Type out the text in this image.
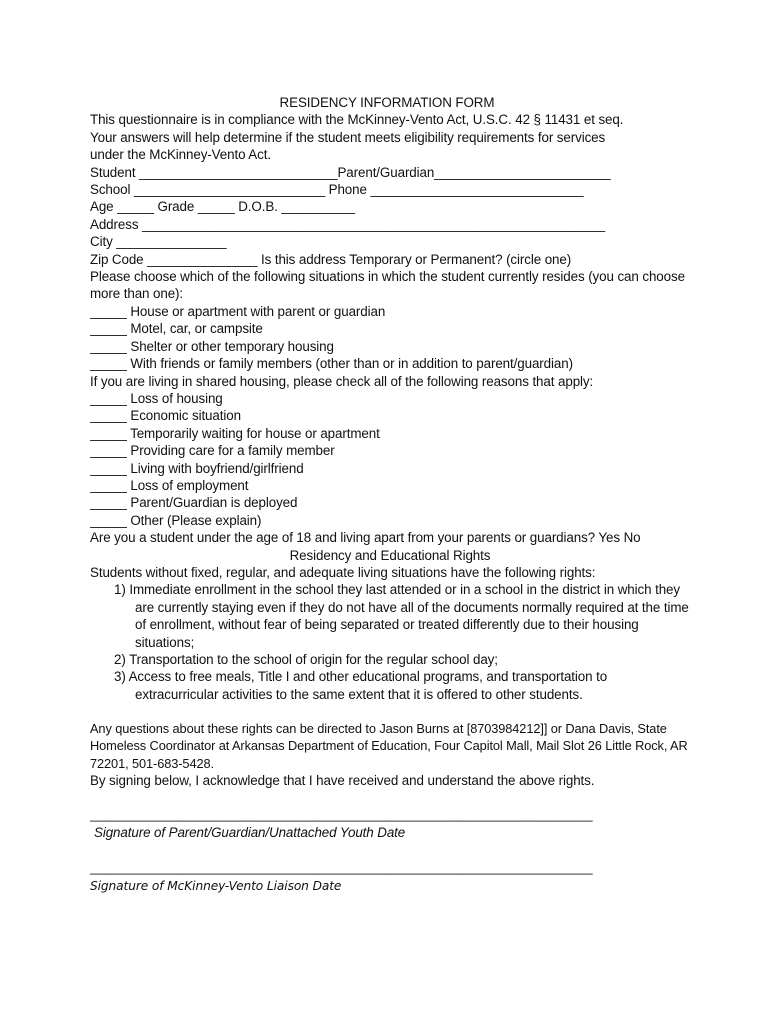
RESIDENCY INFORMATION FORM
This questionnaire is in compliance with the McKinney-Vento Act, U.S.C. 42 § 11431 et seq.
Your answers will help determine if the student meets eligibility requirements for services
under the McKinney-Vento Act.
Student ___________________________Parent/Guardian________________________
School __________________________ Phone _____________________________
Age _____ Grade _____ D.O.B. __________
Address _______________________________________________________________
City _______________
Zip Code _______________ Is this address Temporary or Permanent? (circle one)
Please choose which of the following situations in which the student currently resides (you can choose more than one):
_____ House or apartment with parent or guardian
_____ Motel, car, or campsite
_____ Shelter or other temporary housing
_____ With friends or family members (other than or in addition to parent/guardian)
If you are living in shared housing, please check all of the following reasons that apply:
_____ Loss of housing
_____ Economic situation
_____ Temporarily waiting for house or apartment
_____ Providing care for a family member
_____ Living with boyfriend/girlfriend
_____ Loss of employment
_____ Parent/Guardian is deployed
_____ Other (Please explain)
Are you a student under the age of 18 and living apart from your parents or guardians? Yes No
Residency and Educational Rights
Students without fixed, regular, and adequate living situations have the following rights:
1) Immediate enrollment in the school they last attended or in a school in the district in which they are currently staying even if they do not have all of the documents normally required at the time of enrollment, without fear of being separated or treated differently due to their housing situations;
2) Transportation to the school of origin for the regular school day;
3) Access to free meals, Title I and other educational programs, and transportation to extracurricular activities to the same extent that it is offered to other students.
Any questions about these rights can be directed to Jason Burns at [8703984212]] or Dana Davis, State Homeless Coordinator at Arkansas Department of Education, Four Capitol Mall, Mail Slot 26 Little Rock, AR 72201, 501-683-5428.
By signing below, I acknowledge that I have received and understand the above rights.
______________________________________________________________________
Signature of Parent/Guardian/Unattached Youth Date
______________________________________________________________________
Signature of McKinney-Vento Liaison Date
